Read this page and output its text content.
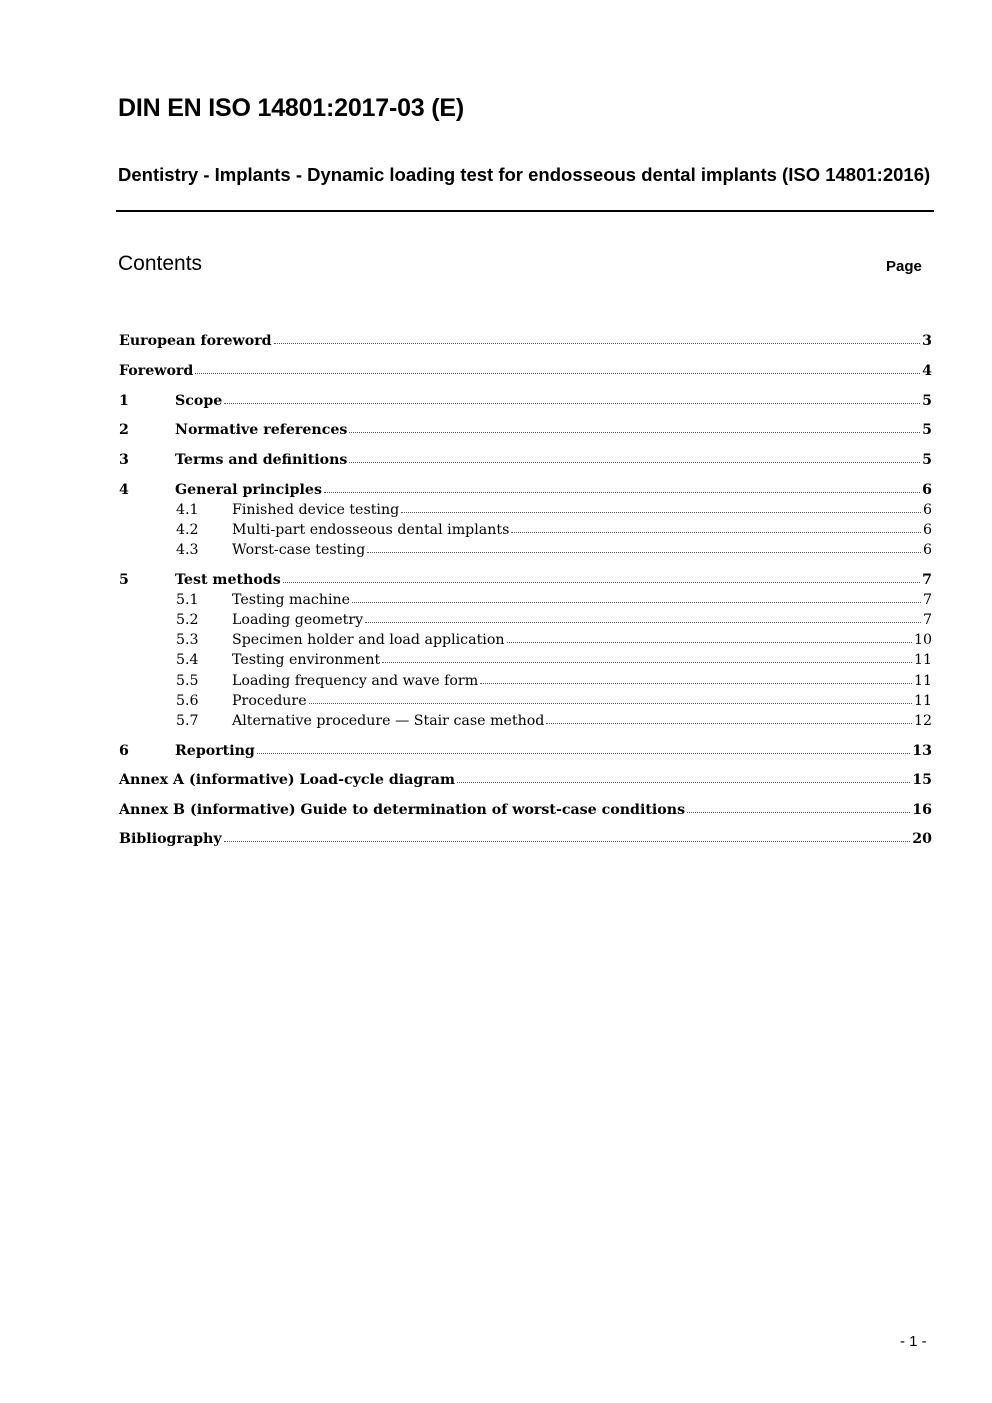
DIN EN ISO 14801:2017-03 (E)
Dentistry - Implants - Dynamic loading test for endosseous dental implants (ISO 14801:2016)
Contents	Page
European foreword	3
Foreword	4
1	Scope	5
2	Normative references	5
3	Terms and definitions	5
4	General principles	6
4.1	Finished device testing	6
4.2	Multi-part endosseous dental implants	6
4.3	Worst-case testing	6
5	Test methods	7
5.1	Testing machine	7
5.2	Loading geometry	7
5.3	Specimen holder and load application	10
5.4	Testing environment	11
5.5	Loading frequency and wave form	11
5.6	Procedure	11
5.7	Alternative procedure — Stair case method	12
6	Reporting	13
Annex A (informative) Load-cycle diagram	15
Annex B (informative) Guide to determination of worst-case conditions	16
Bibliography	20
- 1 -
